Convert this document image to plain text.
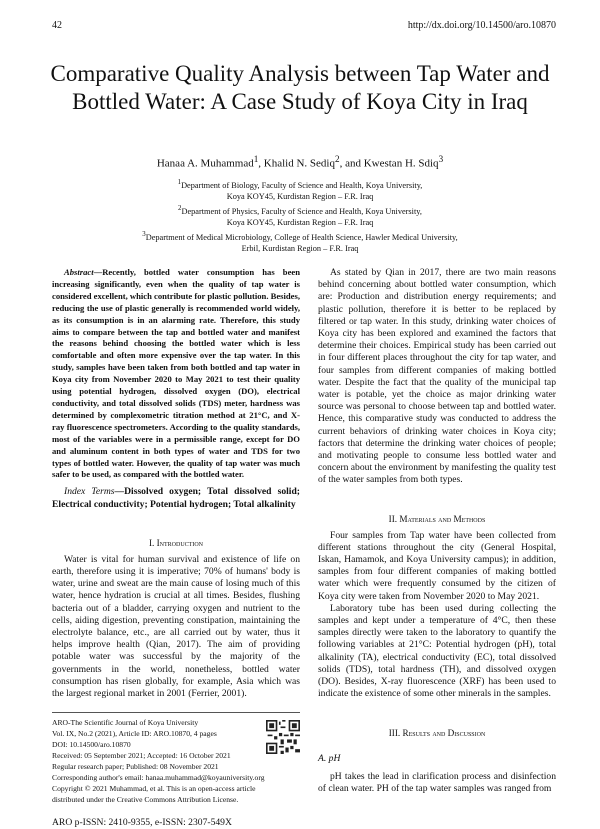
42	http://dx.doi.org/10.14500/aro.10870
Comparative Quality Analysis between Tap Water and Bottled Water: A Case Study of Koya City in Iraq
Hanaa A. Muhammad$^1$, Khalid N. Sediq$^2$, and Kwestan H. Sdiq$^3$
$^1$Department of Biology, Faculty of Science and Health, Koya University,
Koya KOY45, Kurdistan Region – F.R. Iraq
$^2$Department of Physics, Faculty of Science and Health, Koya University,
Koya KOY45, Kurdistan Region – F.R. Iraq
$^3$Department of Medical Microbiology, College of Health Science, Hawler Medical University,
Erbil, Kurdistan Region – F.R. Iraq

Abstract—Recently, bottled water consumption has been increasing significantly, even when the quality of tap water is considered excellent, which contribute for plastic pollution. Besides, reducing the use of plastic generally is recommended world widely, as its consumption is in an alarming rate. Therefore, this study aims to compare between the tap and bottled water and manifest the reasons behind choosing the bottled water which is less comfortable and often more expensive over the tap water. In this study, samples have been taken from both bottled and tap water in Koya city from November 2020 to May 2021 to test their quality using potential hydrogen, dissolved oxygen (DO), electrical conductivity, and total dissolved solids (TDS) meter, hardness was determined by complexometric titration method at 21°C, and X-ray fluorescence spectrometers. According to the quality standards, most of the variables were in a permissible range, except for DO and aluminum content in both types of water and TDS for two types of bottled water. However, the quality of tap water was much safer to be used, as compared with the bottled water.

Index Terms—Dissolved oxygen; Total dissolved solid; Electrical conductivity; Potential hydrogen; Total alkalinity

I. Introduction

Water is vital for human survival and existence of life on earth, therefore using it is imperative; 70% of humans' body is water, urine and sweat are the main cause of losing much of this water, hence hydration is crucial at all times. Besides, flushing bacteria out of a bladder, carrying oxygen and nutrient to the cells, aiding digestion, preventing constipation, maintaining the electrolyte balance, etc., are all carried out by water, thus it helps improve health (Qian, 2017). The aim of providing potable water was successful by the majority of the governments in the world, nonetheless, bottled water consumption has risen globally, for example, Asia which was the largest regional market in 2001 (Ferrier, 2001).

ARO-The Scientific Journal of Koya University
Vol. IX, No.2 (2021), Article ID: ARO.10870, 4 pages
DOI: 10.14500/aro.10870
Received: 05 September 2021; Accepted: 16 October 2021
Regular research paper; Published: 08 November 2021
Corresponding author's email: hanaa.muhammad@koyauniversity.org
Copyright © 2021 Muhammad, et al. This is an open-access article
distributed under the Creative Commons Attribution License.
ARO p-ISSN: 2410-9355, e-ISSN: 2307-549X

As stated by Qian in 2017, there are two main reasons behind concerning about bottled water consumption, which are: Production and distribution energy requirements; and plastic pollution, therefore it is better to be replaced by filtered or tap water. In this study, drinking water choices of Koya city has been explored and examined the factors that determine their choices. Empirical study has been carried out in four different places throughout the city for tap water, and four samples from different companies of making bottled water. Despite the fact that the quality of the municipal tap water is potable, yet the choice as major drinking water source was personal to choose between tap and bottled water. Hence, this comparative study was conducted to address the current behaviors of drinking water choices in Koya city; factors that determine the drinking water choices of people; and motivating people to consume less bottled water and concern about the environment by manifesting the quality test of the water samples from both types.

II. Materials and Methods

Four samples from Tap water have been collected from different stations throughout the city (General Hospital, Iskan, Hamamok, and Koya University campus); in addition, samples from four different companies of making bottled water which were frequently consumed by the citizen of Koya city were taken from November 2020 to May 2021.

Laboratory tube has been used during collecting the samples and kept under a temperature of 4°C, then these samples directly were taken to the laboratory to quantify the following variables at 21°C: Potential hydrogen (pH), total alkalinity (TA), electrical conductivity (EC), total dissolved solids (TDS), total hardness (TH), and dissolved oxygen (DO). Besides, X-ray fluorescence (XRF) has been used to indicate the existence of some other minerals in the samples.

III. Results and Discussion
A. pH

pH takes the lead in clarification process and disinfection of clean water. PH of the tap water samples was ranged from
